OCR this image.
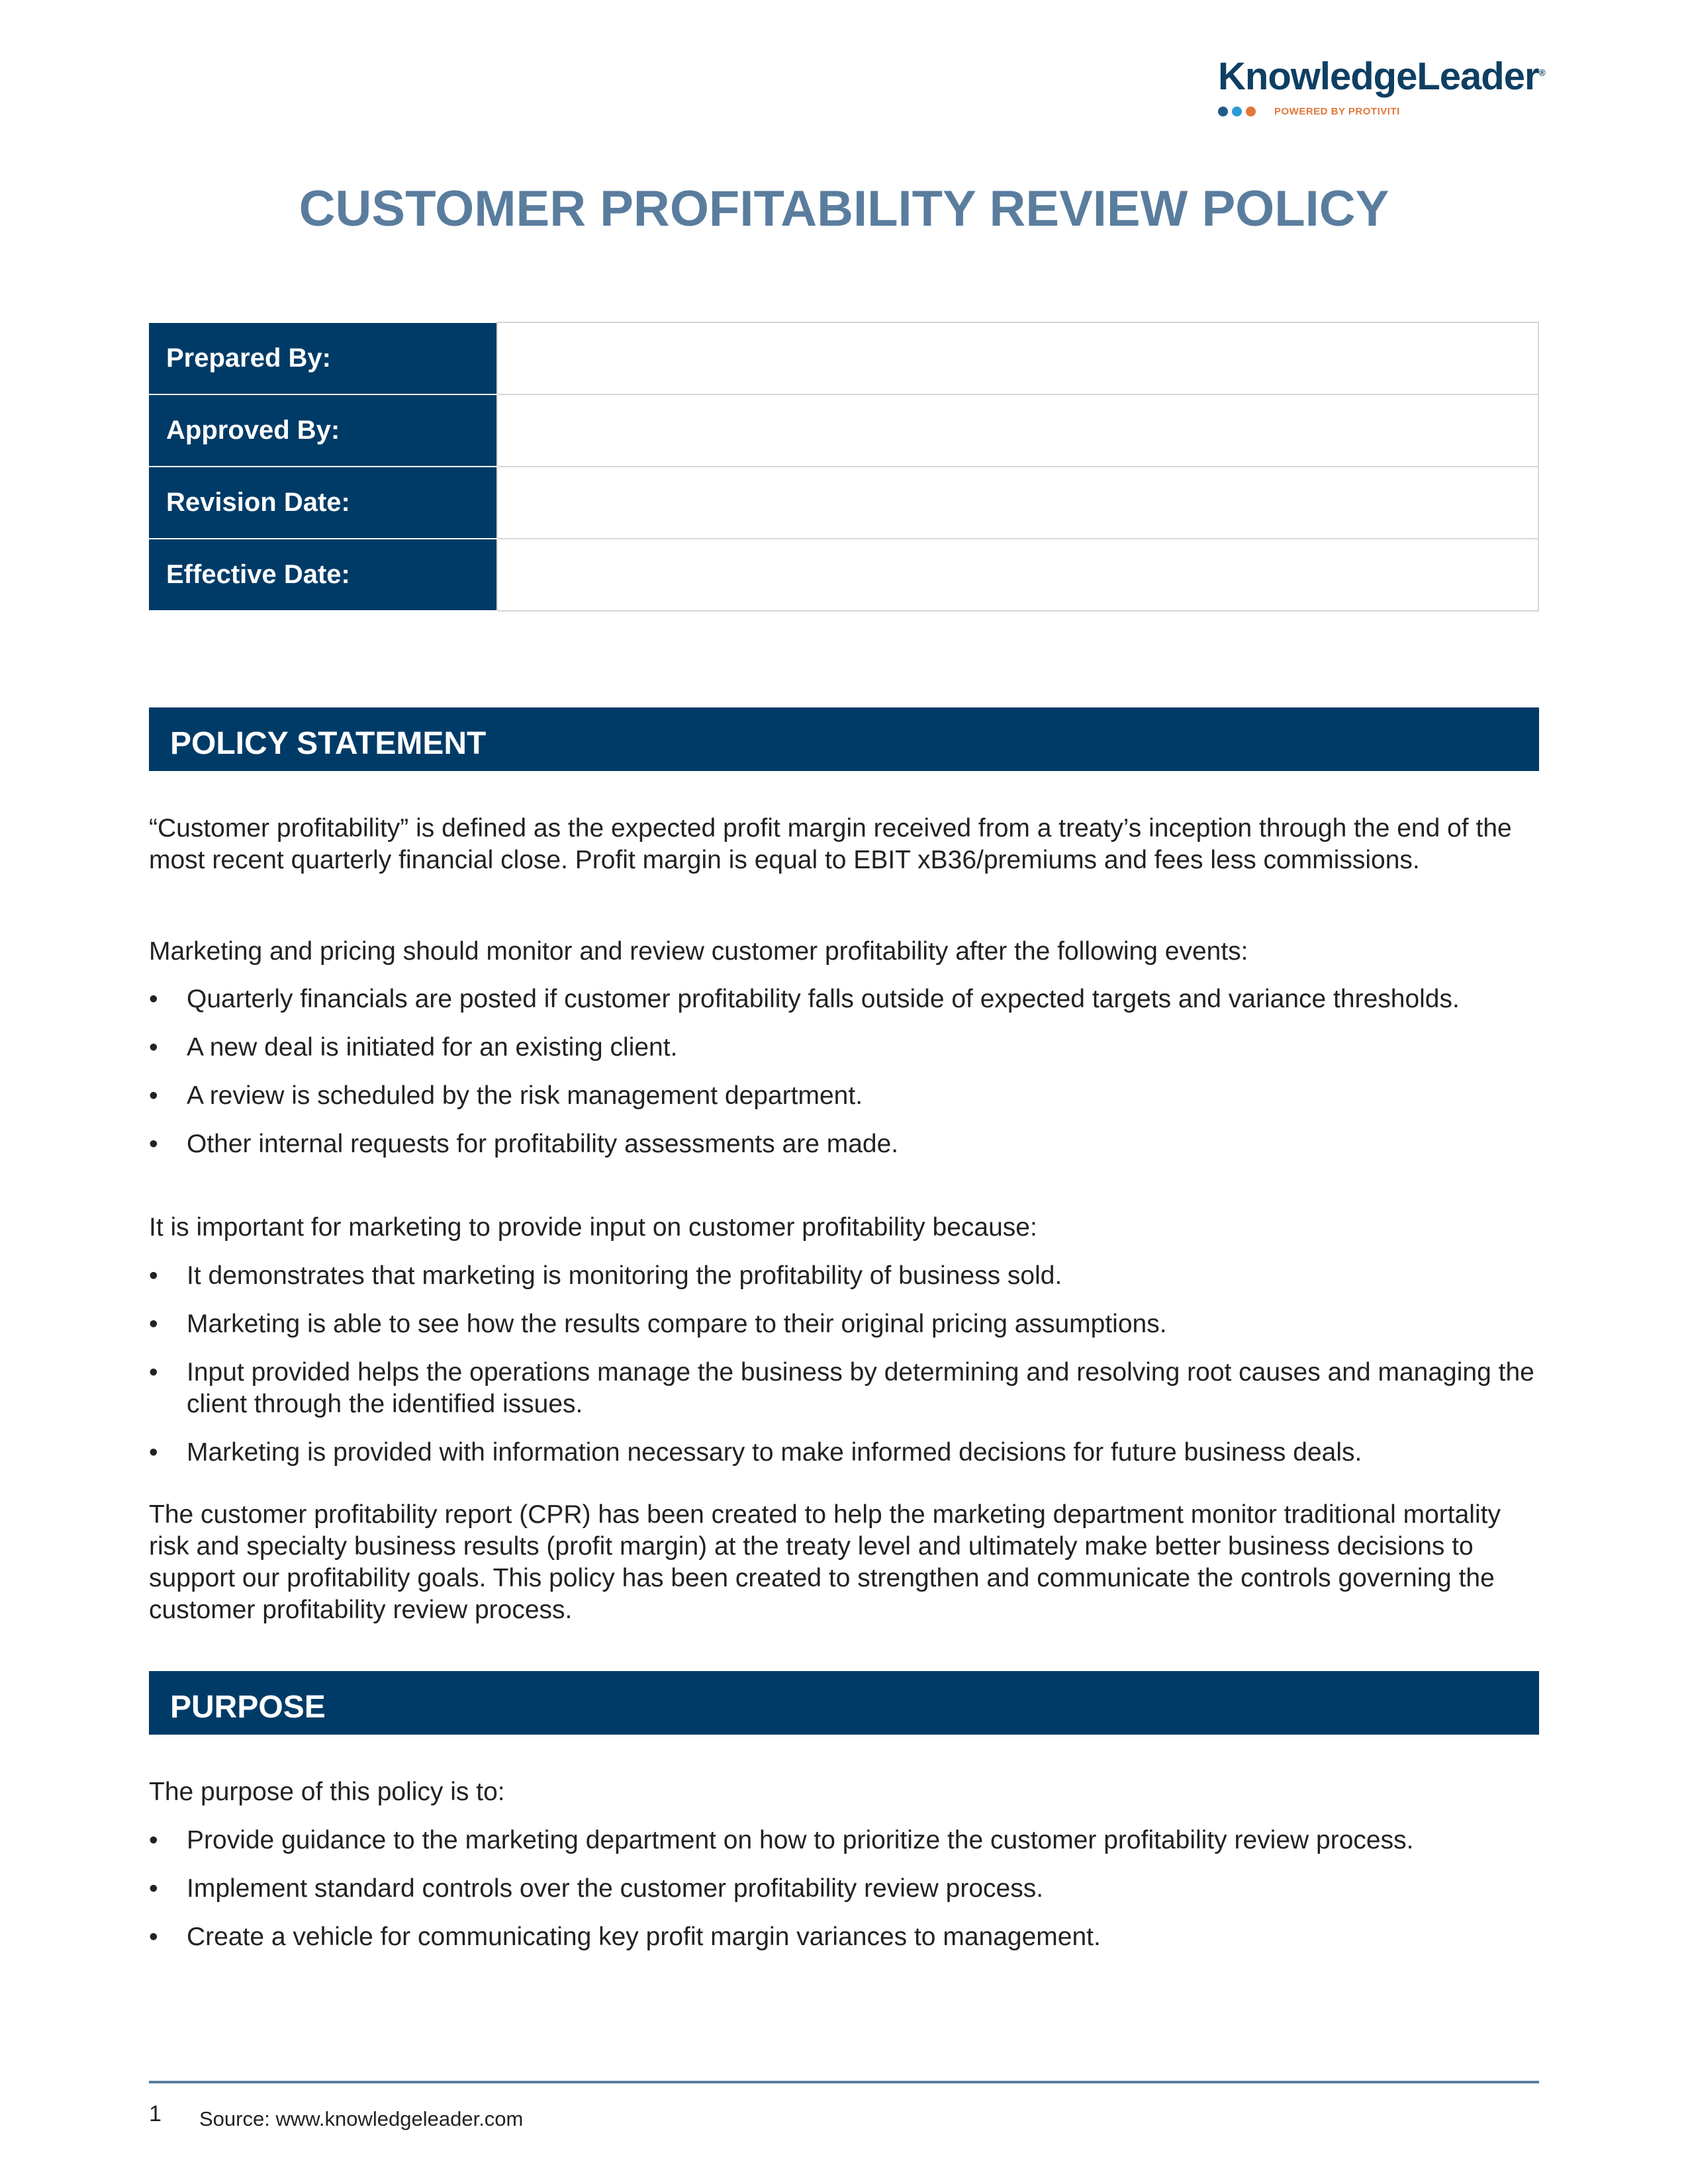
KnowledgeLeader®
POWERED BY PROTIVITI
CUSTOMER PROFITABILITY REVIEW POLICY
Prepared By:	
Approved By:	
Revision Date:	
Effective Date:	
POLICY STATEMENT

“Customer profitability” is defined as the expected profit margin received from a treaty’s inception through the end of the most recent quarterly financial close. Profit margin is equal to EBIT xB36/premiums and fees less commissions.

Marketing and pricing should monitor and review customer profitability after the following events:

• Quarterly financials are posted if customer profitability falls outside of expected targets and variance thresholds.
• A new deal is initiated for an existing client.
• A review is scheduled by the risk management department.
• Other internal requests for profitability assessments are made.

It is important for marketing to provide input on customer profitability because:

• It demonstrates that marketing is monitoring the profitability of business sold.
• Marketing is able to see how the results compare to their original pricing assumptions.
• Input provided helps the operations manage the business by determining and resolving root causes and managing the client through the identified issues.
• Marketing is provided with information necessary to make informed decisions for future business deals.

The customer profitability report (CPR) has been created to help the marketing department monitor traditional mortality risk and specialty business results (profit margin) at the treaty level and ultimately make better business decisions to support our profitability goals. This policy has been created to strengthen and communicate the controls governing the customer profitability review process.

PURPOSE

The purpose of this policy is to:

• Provide guidance to the marketing department on how to prioritize the customer profitability review process.
• Implement standard controls over the customer profitability review process.
• Create a vehicle for communicating key profit margin variances to management.
1 Source: www.knowledgeleader.com
